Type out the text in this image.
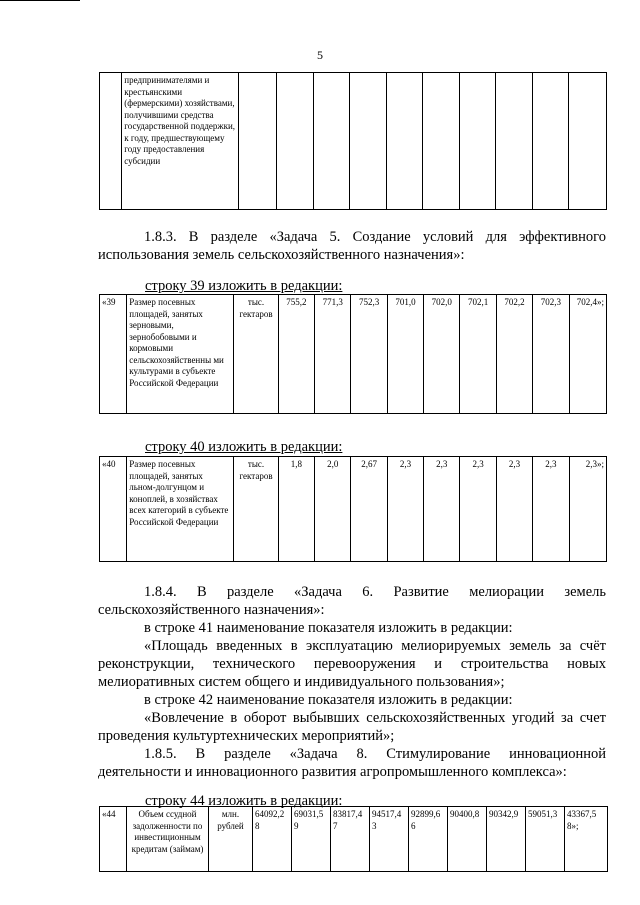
5
	предпринимателями и крестьянскими (фермерскими) хозяйствами, получившими средства государственной поддержки, к году, предшествующему году предоставления субсидии										
1.8.3. В разделе «Задача 5. Создание условий для эффективного
использования земель сельскохозяйственного назначения»:
строку 39 изложить в редакции:
«39	Размер посевных площадей, занятых зерновыми, зернобобовыми и кормовыми сельскохозяйственны ми культурами в субъекте Российской Федерации	тыс. гектаров	755,2	771,3	752,3	701,0	702,0	702,1	702,2	702,3	702,4»;
строку 40 изложить в редакции:
«40	Размер посевных площадей, занятых льном-долгунцом и коноплей, в хозяйствах всех категорий в субъекте Российской Федерации	тыс. гектаров	1,8	2,0	2,67	2,3	2,3	2,3	2,3	2,3	2,3»;
1.8.4. В разделе «Задача 6. Развитие мелиорации земель
сельскохозяйственного назначения»:
в строке 41 наименование показателя изложить в редакции:
«Площадь введенных в эксплуатацию мелиорируемых земель за счёт
реконструкции, технического перевооружения и строительства новых
мелиоративных систем общего и индивидуального пользования»;
в строке 42 наименование показателя изложить в редакции:
«Вовлечение в оборот выбывших сельскохозяйственных угодий за счет
проведения культуртехнических мероприятий»;
1.8.5. В разделе «Задача 8. Стимулирование инновационной
деятельности и инновационного развития агропромышленного комплекса»:
строку 44 изложить в редакции:
«44	Объем ссудной задолженности по инвестиционным кредитам (займам)	млн. рублей	64092,2 8	69031,5 9	83817,4 7	94517,4 3	92899,6 6	90400,8	90342,9	59051,3	43367,5 8»;
